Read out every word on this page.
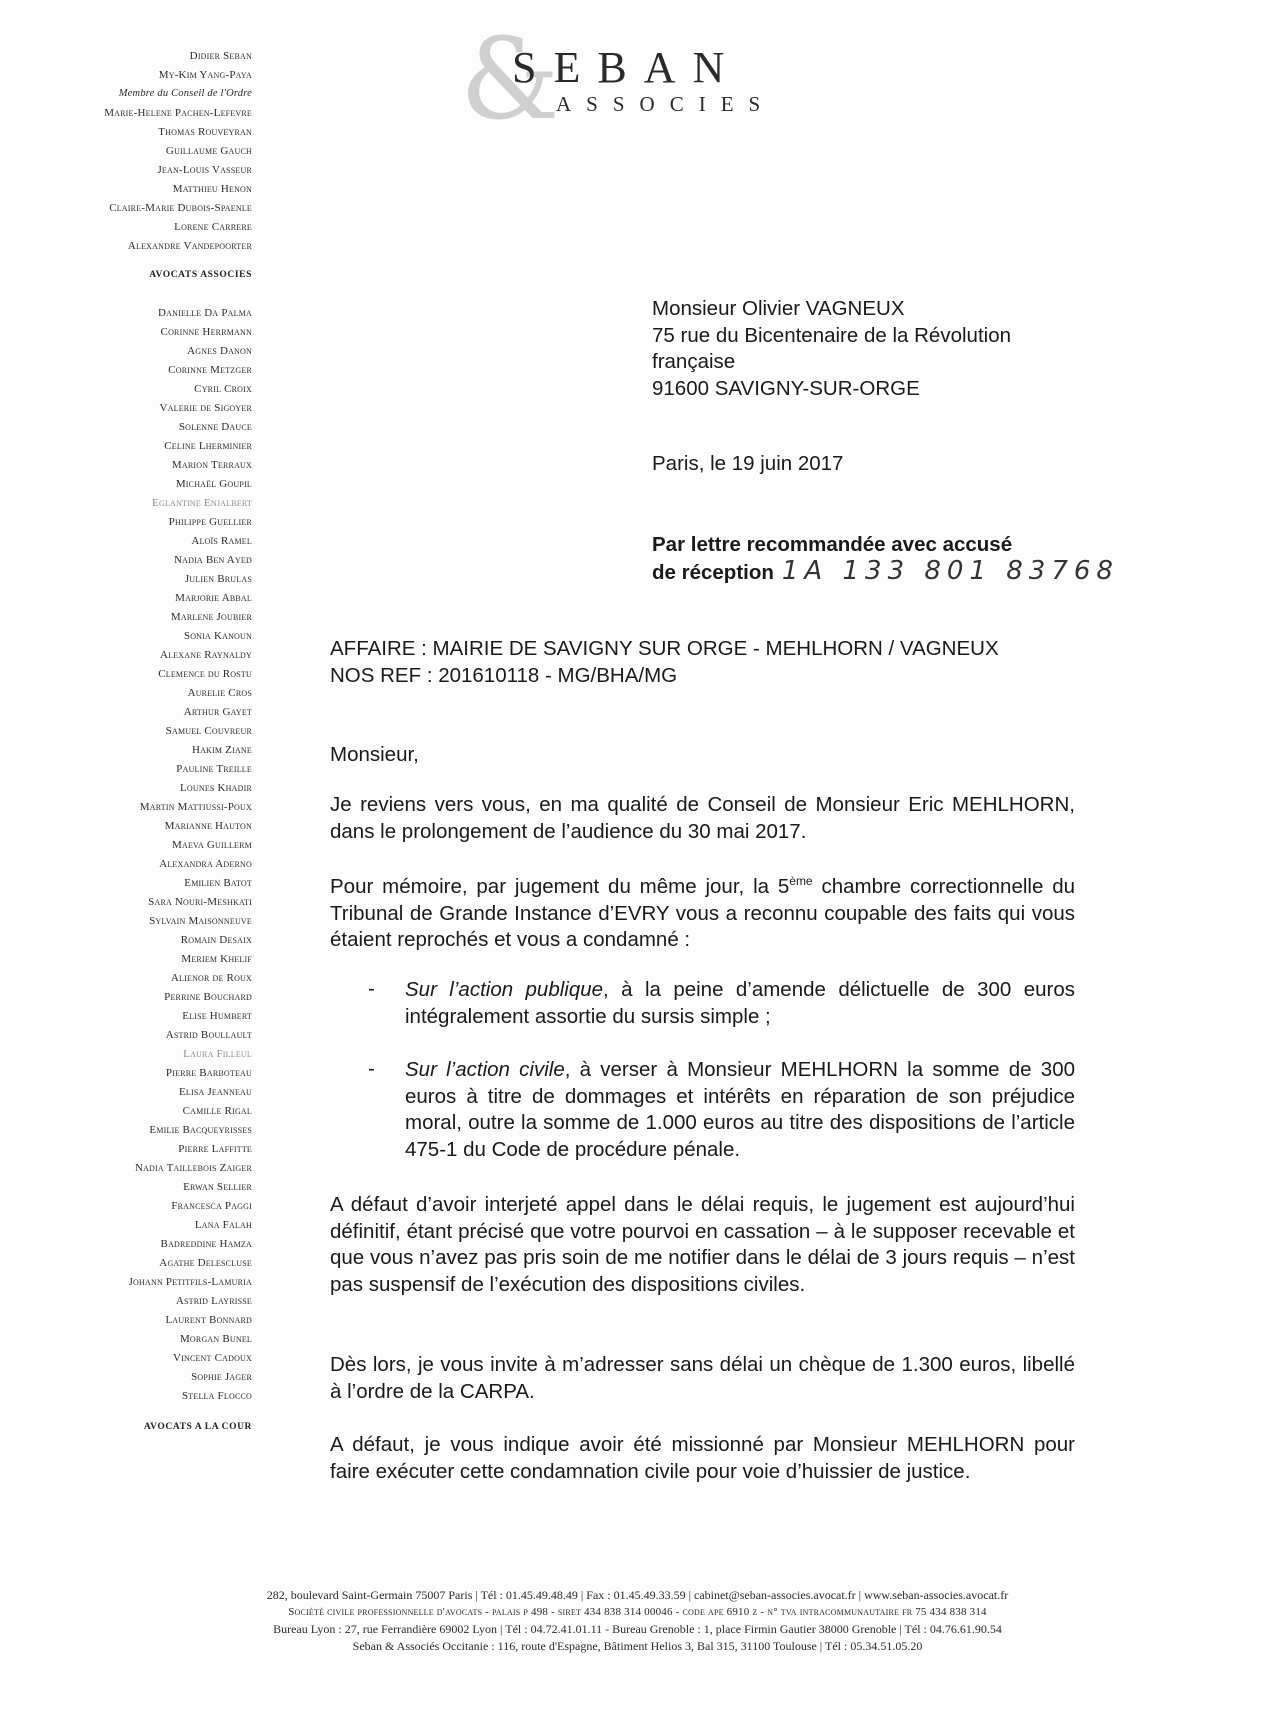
&
SEBAN
ASSOCIES
Didier Seban
My-Kim Yang-Paya
Membre du Conseil de l'Ordre
Marie-Helene Pachen-Lefevre
Thomas Rouveyran
Guillaume Gauch
Jean-Louis Vasseur
Matthieu Henon
Claire-Marie Dubois-Spaenle
Lorene Carrere
Alexandre Vandepoorter
AVOCATS ASSOCIES
Danielle Da Palma
Corinne Herrmann
Agnes Danon
Corinne Metzger
Cyril Croix
Valerie de Sigoyer
Solenne Dauce
Celine Lherminier
Marion Terraux
Michaël Goupil
Eglantine Enjalbert
Philippe Guellier
Aloïs Ramel
Nadia Ben Ayed
Julien Brulas
Marjorie Abbal
Marlene Joubier
Sonia Kanoun
Alexane Raynaldy
Clemence du Rostu
Aurelie Cros
Arthur Gayet
Samuel Couvreur
Hakim Ziane
Pauline Treille
Lounes Khadir
Martin Mattiussi-Poux
Marianne Hauton
Maeva Guillerm
Alexandra Aderno
Emilien Batot
Sara Nouri-Meshkati
Sylvain Maisonneuve
Romain Desaix
Meriem Khelif
Alienor de Roux
Perrine Bouchard
Elise Humbert
Astrid Boullault
Laura Filleul
Pierre Barboteau
Elisa Jeanneau
Camille Rigal
Emilie Bacqueyrisses
Pierre Laffitte
Nadia Taillebois Zaiger
Erwan Sellier
Francesca Paggi
Lana Falah
Badreddine Hamza
Agathe Delescluse
Johann Petitfils-Lamuria
Astrid Layrisse
Laurent Bonnard
Morgan Bunel
Vincent Cadoux
Sophie Jager
Stella Flocco
AVOCATS A LA COUR
Monsieur Olivier VAGNEUX
75 rue du Bicentenaire de la Révolution
française
91600 SAVIGNY-SUR-ORGE
Paris, le 19 juin 2017
Par lettre recommandée avec accusé
de réception 1A 133 801 83768
AFFAIRE : MAIRIE DE SAVIGNY SUR ORGE - MEHLHORN / VAGNEUX
NOS REF : 201610118 - MG/BHA/MG
Monsieur,
Je reviens vers vous, en ma qualité de Conseil de Monsieur Eric MEHLHORN, dans le prolongement de l’audience du 30 mai 2017.
Pour mémoire, par jugement du même jour, la 5ème chambre correctionnelle du Tribunal de Grande Instance d’EVRY vous a reconnu coupable des faits qui vous étaient reprochés et vous a condamné :
- Sur l’action publique, à la peine d’amende délictuelle de 300 euros intégralement assortie du sursis simple ;
- Sur l’action civile, à verser à Monsieur MEHLHORN la somme de 300 euros à titre de dommages et intérêts en réparation de son préjudice moral, outre la somme de 1.000 euros au titre des dispositions de l’article 475-1 du Code de procédure pénale.
A défaut d’avoir interjeté appel dans le délai requis, le jugement est aujourd’hui définitif, étant précisé que votre pourvoi en cassation – à le supposer recevable et que vous n’avez pas pris soin de me notifier dans le délai de 3 jours requis – n’est pas suspensif de l’exécution des dispositions civiles.
Dès lors, je vous invite à m’adresser sans délai un chèque de 1.300 euros, libellé à l’ordre de la CARPA.
A défaut, je vous indique avoir été missionné par Monsieur MEHLHORN pour faire exécuter cette condamnation civile pour voie d’huissier de justice.
282, boulevard Saint-Germain 75007 Paris | Tél : 01.45.49.48.49 | Fax : 01.45.49.33.59 | cabinet@seban-associes.avocat.fr | www.seban-associes.avocat.fr
Société civile professionnelle d'avocats - palais p 498 - siret 434 838 314 00046 - code ape 6910 z - n° tva intracommunautaire fr 75 434 838 314
Bureau Lyon : 27, rue Ferrandière 69002 Lyon | Tél : 04.72.41.01.11 - Bureau Grenoble : 1, place Firmin Gautier 38000 Grenoble | Tél : 04.76.61.90.54
Seban & Associés Occitanie : 116, route d'Espagne, Bâtiment Helios 3, Bal 315, 31100 Toulouse | Tél : 05.34.51.05.20
